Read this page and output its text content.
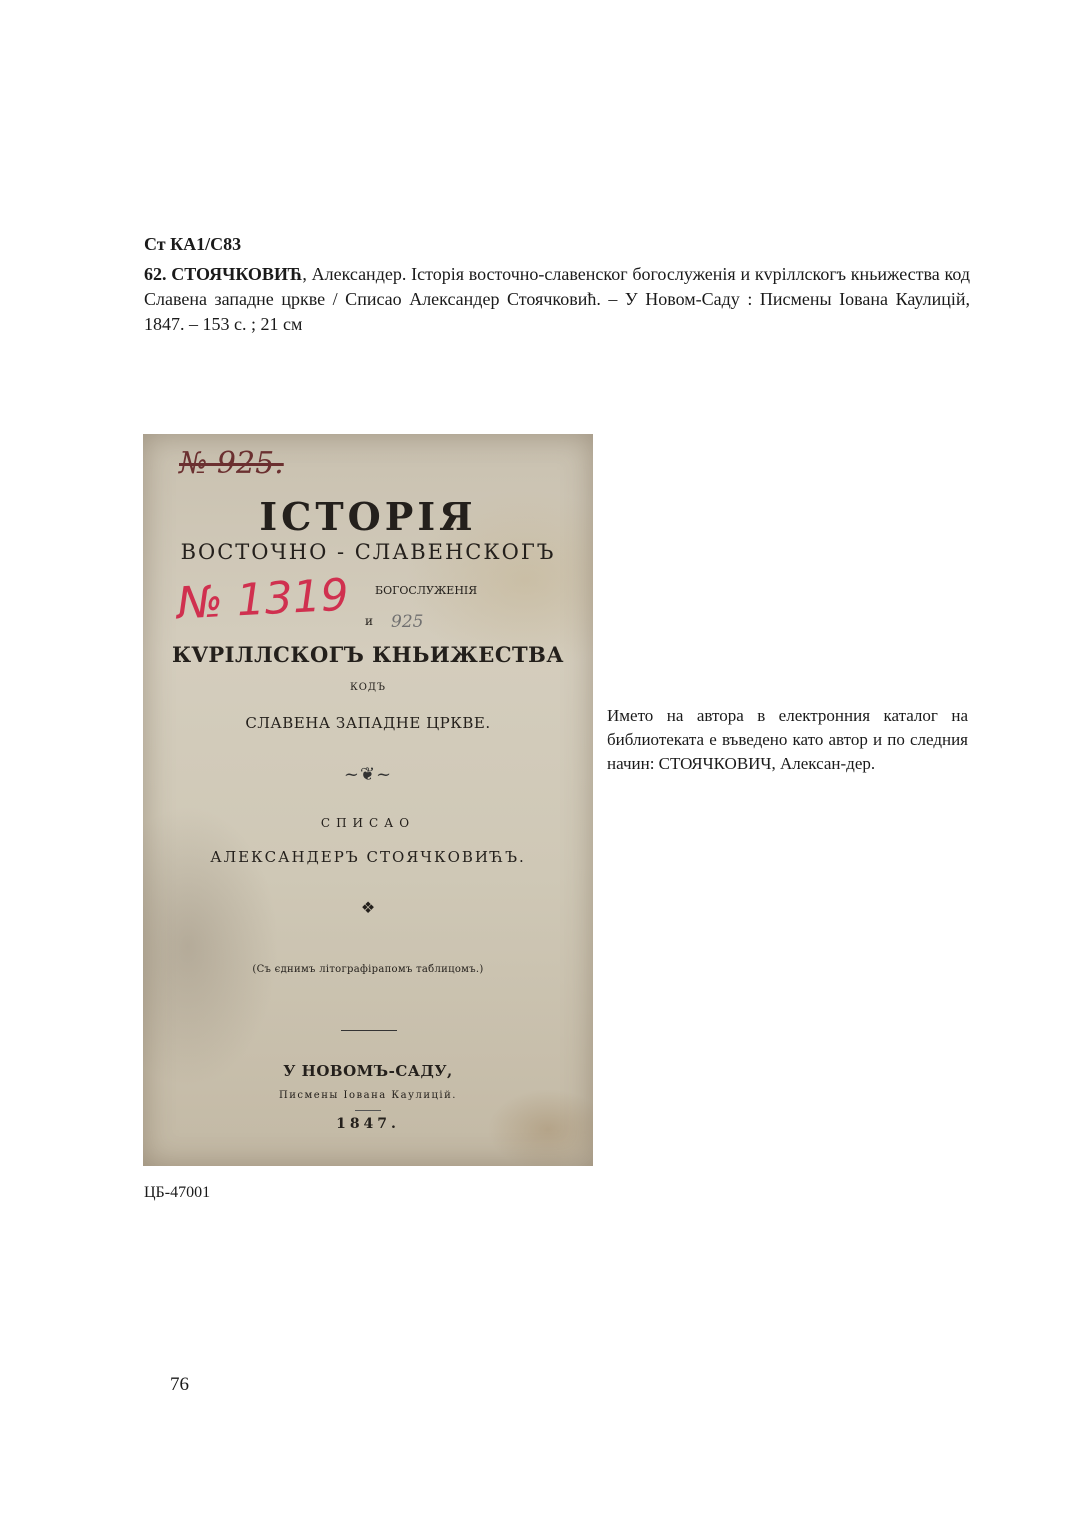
Ст КА1/С83

62. СТОЯЧКОВИЋ, Александер. Історія восточно-славенског богослуженія и кvріллскогъ кньижества код Славена западне цркве / Списао Александер Стоячковиħ. – У Новом-Саду : Писмены Іована Каулицій, 1847. – 153 с. ; 21 см

№ 925.

ІСТОРІЯ

ВОСТОЧНО - СЛАВЕНСКОГЪ

БОГОСЛУЖЕНІЯ
и
№ 1319 925

КVРІЛЛСКОГЪ КНЬИЖЕСТВА

КОДЪ

СЛАВЕНА ЗАПАДНЕ ЦРКВЕ.

~❦~

СПИСАО

АЛЕКСАНДЕРЪ СТОЯЧКОВИЋЪ.

❖

(Съ єднимъ літографірапомъ таблицомъ.)

У НОВОМЪ-САДУ,

Писмены Іована Каулицій.

1847.

Името на автора в електронния каталог на библиотеката е въведено като автор и по следния начин: СТОЯЧКОВИЧ, Алексан-дер.

ЦБ-47001

76
